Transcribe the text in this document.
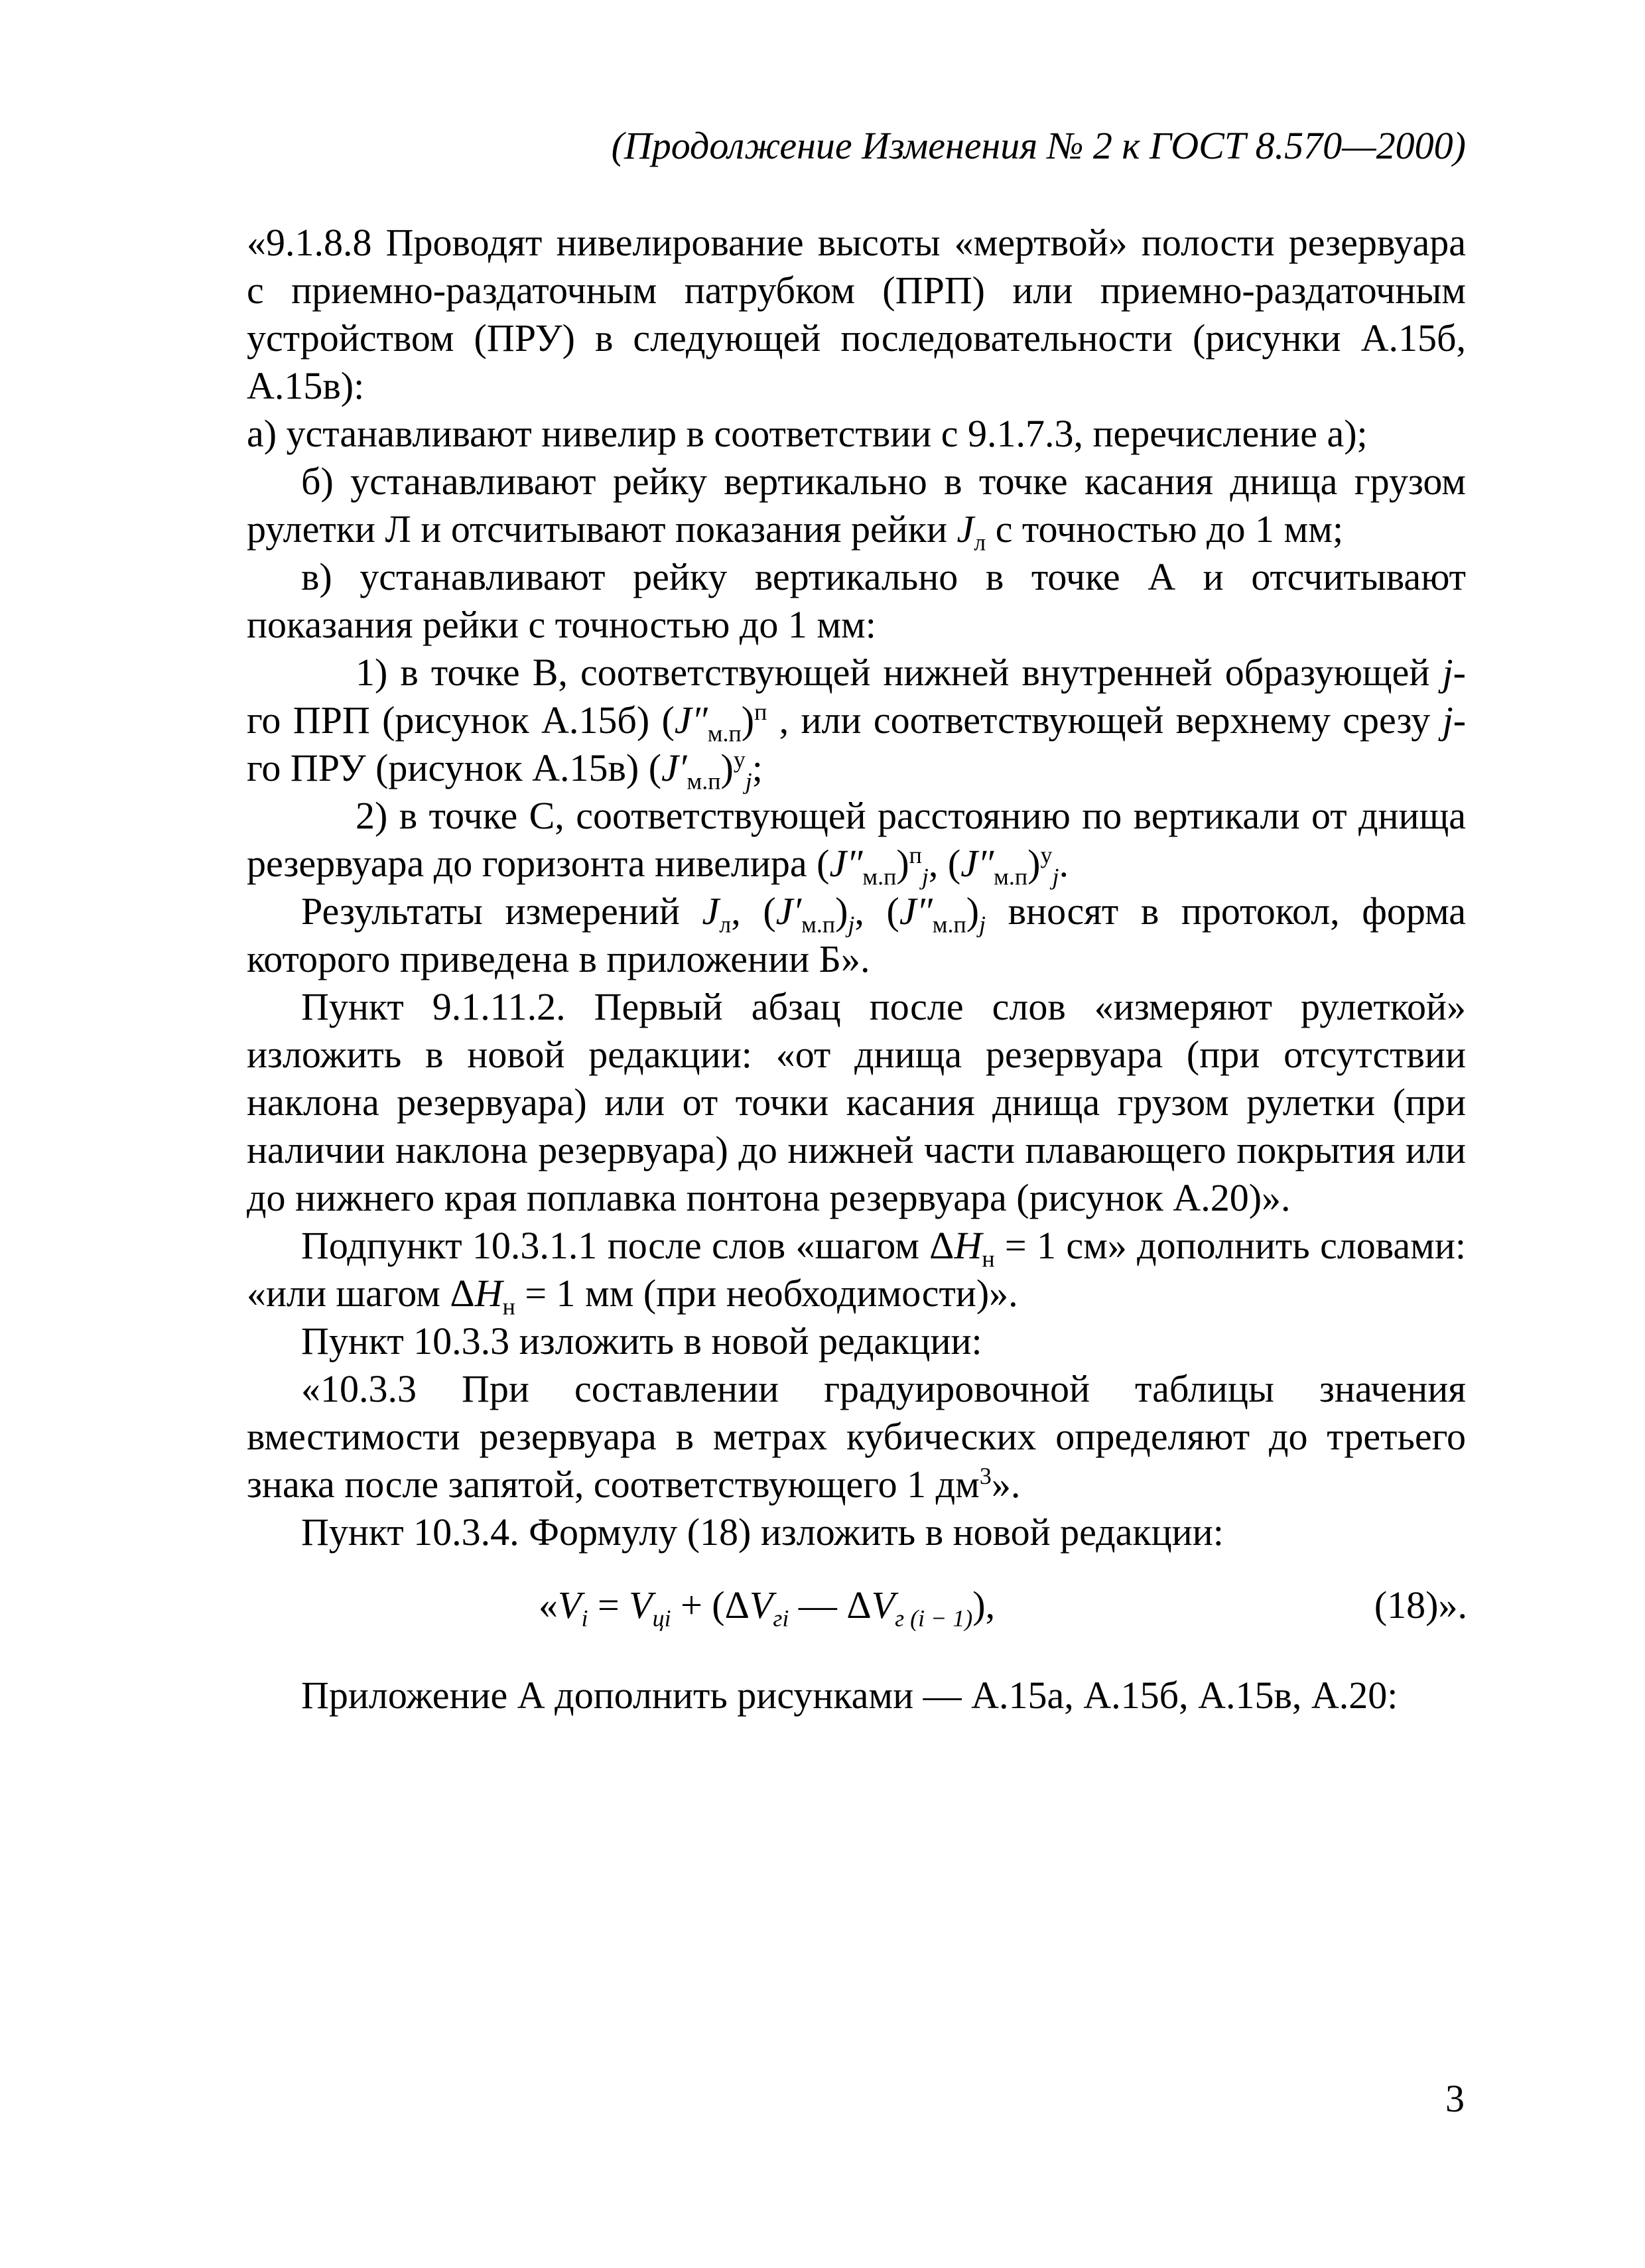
(Продолжение Изменения № 2 к ГОСТ 8.570—2000)

«9.1.8.8 Проводят нивелирование высоты «мертвой» полости резервуара с приемно-раздаточным патрубком (ПРП) или приемно-раздаточным устройством (ПРУ) в следующей последовательности (рисунки А.15б, А.15в):

а) устанавливают нивелир в соответствии с 9.1.7.3, перечисление а);

б) устанавливают рейку вертикально в точке касания днища грузом рулетки Л и отсчитывают показания рейки $J_л$ с точностью до 1 мм;

в) устанавливают рейку вертикально в точке А и отсчитывают показания рейки с точностью до 1 мм:

1) в точке В, соответствующей нижней внутренней образующей j-го ПРП (рисунок А.15б) $(J''_{м.п})^п$ , или соответствующей верхнему срезу j-го ПРУ (рисунок А.15в) $(J'_{м.п})^у_j$;

2) в точке С, соответствующей расстоянию по вертикали от днища резервуара до горизонта нивелира $(J''_{м.п})^п_j$, $(J''_{м.п})^у_j$.

Результаты измерений $J_л$, $(J'_{м.п})_j$, $(J''_{м.п})_j$ вносят в протокол, форма которого приведена в приложении Б».

Пункт 9.1.11.2. Первый абзац после слов «измеряют рулеткой» изложить в новой редакции: «от днища резервуара (при отсутствии наклона резервуара) или от точки касания днища грузом рулетки (при наличии наклона резервуара) до нижней части плавающего покрытия или до нижнего края поплавка понтона резервуара (рисунок А.20)».

Подпункт 10.3.1.1 после слов «шагом $\Delta H_н = 1$ см» дополнить словами: «или шагом $\Delta H_н = 1$ мм (при необходимости)».

Пункт 10.3.3 изложить в новой редакции:

«10.3.3 При составлении градуировочной таблицы значения вместимости резервуара в метрах кубических определяют до третьего знака после запятой, соответствующего 1 $дм^3$».

Пункт 10.3.4. Формулу (18) изложить в новой редакции:

«$V_i = V_{цi} + (\Delta V_{гi}$ — $\Delta V_{г (i - 1)}$),	(18)».

Приложение А дополнить рисунками — А.15а, А.15б, А.15в, А.20:

3
